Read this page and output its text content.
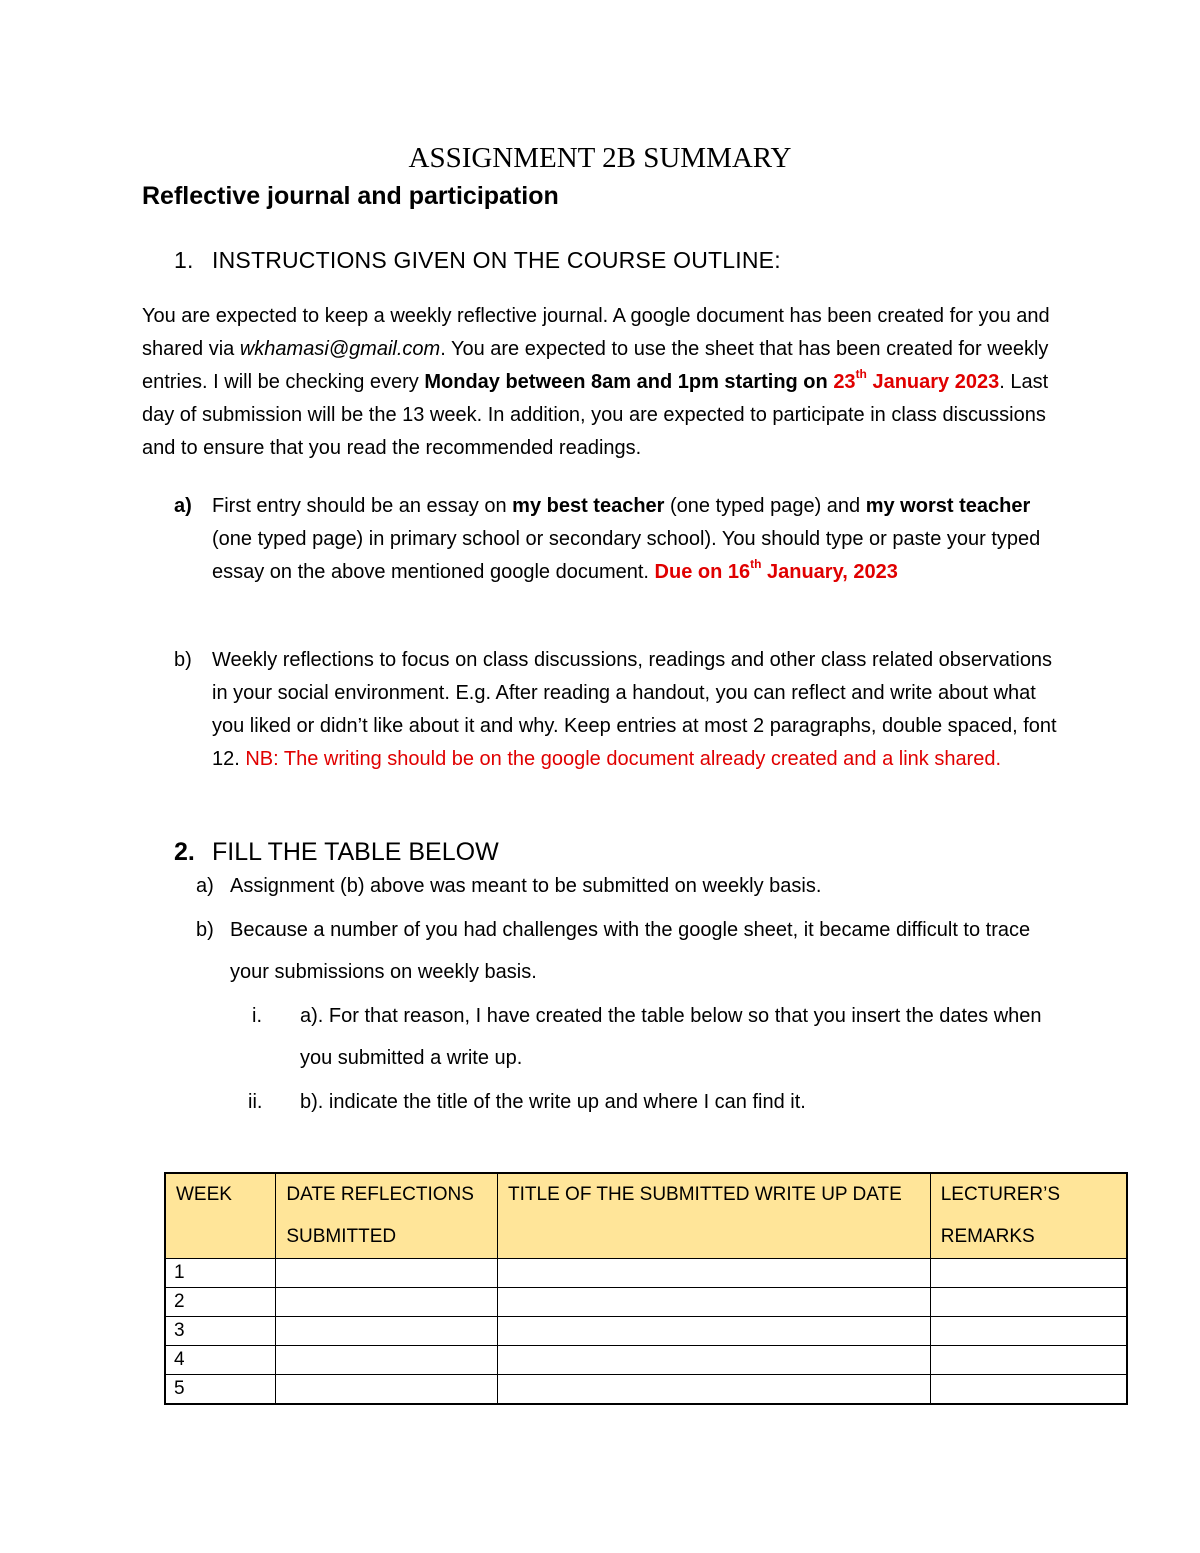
ASSIGNMENT 2B SUMMARY
Reflective journal and participation
1. INSTRUCTIONS GIVEN ON THE COURSE OUTLINE:
You are expected to keep a weekly reflective journal. A google document has been created for you and shared via wkhamasi@gmail.com. You are expected to use the sheet that has been created for weekly entries. I will be checking every Monday between 8am and 1pm starting on 23th January 2023. Last day of submission will be the 13 week. In addition, you are expected to participate in class discussions and to ensure that you read the recommended readings.
a) First entry should be an essay on my best teacher (one typed page) and my worst teacher (one typed page) in primary school or secondary school). You should type or paste your typed essay on the above mentioned google document. Due on 16th January, 2023
b) Weekly reflections to focus on class discussions, readings and other class related observations in your social environment. E.g. After reading a handout, you can reflect and write about what you liked or didn’t like about it and why. Keep entries at most 2 paragraphs, double spaced, font 12. NB: The writing should be on the google document already created and a link shared.
2. FILL THE TABLE BELOW
a) Assignment (b) above was meant to be submitted on weekly basis.
b) Because a number of you had challenges with the google sheet, it became difficult to trace your submissions on weekly basis.
i. a). For that reason, I have created the table below so that you insert the dates when you submitted a write up.
ii. b). indicate the title of the write up and where I can find it.
WEEK	DATE REFLECTIONS SUBMITTED	TITLE OF THE SUBMITTED WRITE UP DATE	LECTURER’S REMARKS
1			
2			
3			
4			
5			
